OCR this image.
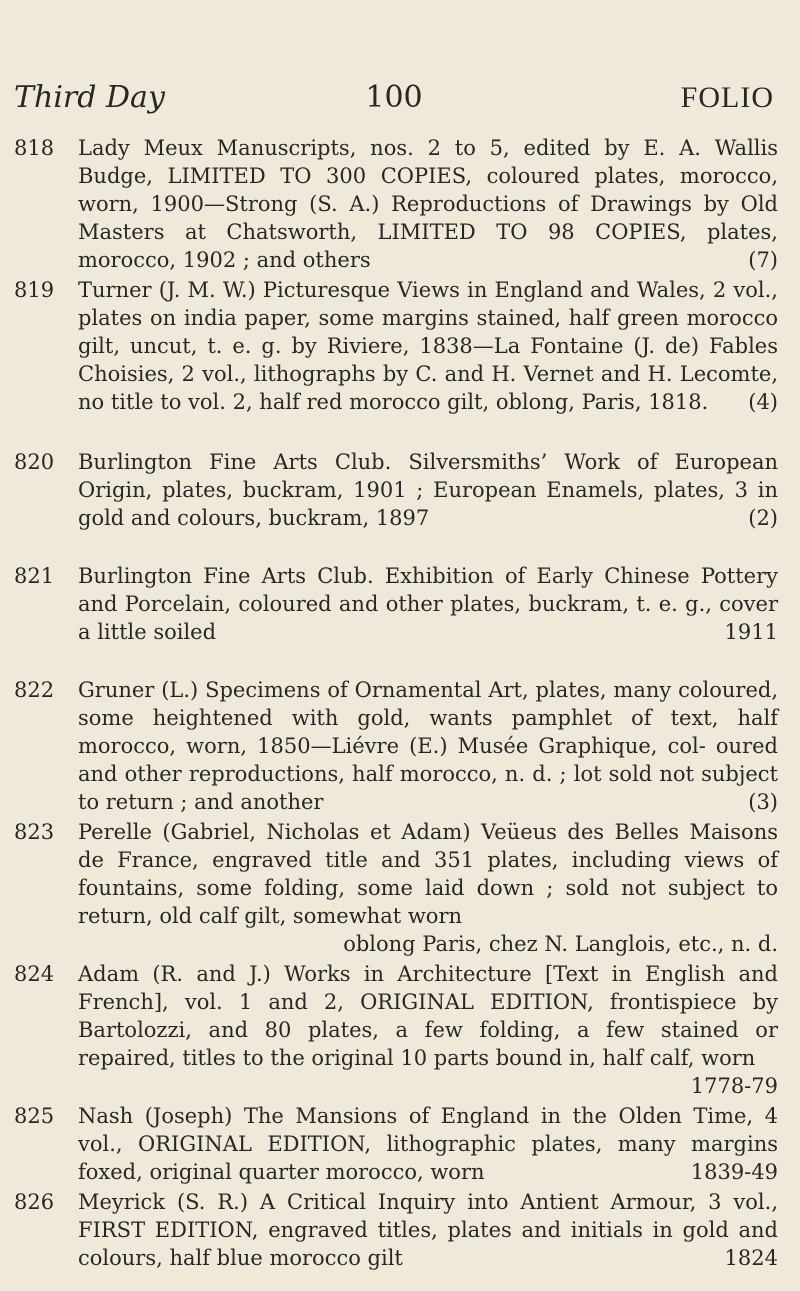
Third Day	100	FOLIO
818	Lady Meux Manuscripts, nos. 2 to 5, edited by E. A. Wallis Budge, LIMITED TO 300 COPIES, coloured plates, morocco, worn, 1900—Strong (S. A.) Reproductions of Drawings by Old Masters at Chatsworth, LIMITED TO 98 COPIES, plates, morocco, 1902 ; and others	(7)
819	Turner (J. M. W.) Picturesque Views in England and Wales, 2 vol., plates on india paper, some margins stained, half green morocco gilt, uncut, t. e. g. by Riviere, 1838—La Fontaine (J. de) Fables Choisies, 2 vol., lithographs by C. and H. Vernet and H. Lecomte, no title to vol. 2, half red morocco gilt, oblong, Paris, 1818. (4)
820	Burlington Fine Arts Club. Silversmiths’ Work of European Origin, plates, buckram, 1901 ; European Enamels, plates, 3 in gold and colours, buckram, 1897	(2)
821	Burlington Fine Arts Club. Exhibition of Early Chinese Pottery and Porcelain, coloured and other plates, buckram, t. e. g., cover a little soiled	1911
822	Gruner (L.) Specimens of Ornamental Art, plates, many coloured, some heightened with gold, wants pamphlet of text, half morocco, worn, 1850—Liévre (E.) Musée Graphique, col- oured and other reproductions, half morocco, n. d. ; lot sold not subject to return ; and another	(3)
823	Perelle (Gabriel, Nicholas et Adam) Veüeus des Belles Maisons de France, engraved title and 351 plates, including views of fountains, some folding, some laid down ; sold not subject to return, old calf gilt, somewhat worn
oblong Paris, chez N. Langlois, etc., n. d.
824	Adam (R. and J.) Works in Architecture [Text in English and French], vol. 1 and 2, ORIGINAL EDITION, frontispiece by Bartolozzi, and 80 plates, a few folding, a few stained or repaired, titles to the original 10 parts bound in, half calf, worn
1778-79
825	Nash (Joseph) The Mansions of England in the Olden Time, 4 vol., ORIGINAL EDITION, lithographic plates, many margins foxed, original quarter morocco, worn	1839-49
826	Meyrick (S. R.) A Critical Inquiry into Antient Armour, 3 vol., FIRST EDITION, engraved titles, plates and initials in gold and colours, half blue morocco gilt	1824
